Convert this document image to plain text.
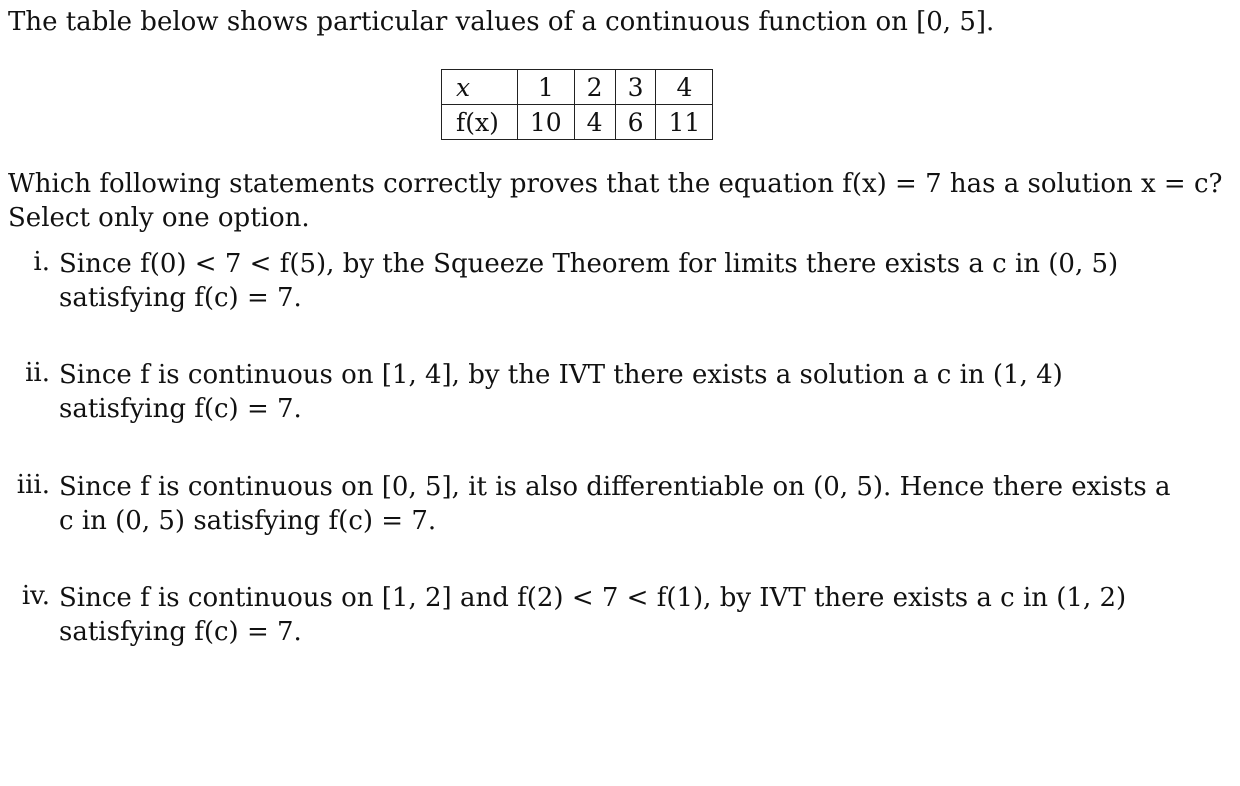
The table below shows particular values of a continuous function on [0, 5].
x	1	2	3	4
f(x)	10	4	6	11
Which following statements correctly proves that the equation f(x) = 7 has a solution x = c?
Select only one option.
i. Since f(0) < 7 < f(5), by the Squeeze Theorem for limits there exists a c in (0, 5) satisfying f(c) = 7.
ii. Since f is continuous on [1, 4], by the IVT there exists a solution a c in (1, 4) satisfying f(c) = 7.
iii. Since f is continuous on [0, 5], it is also differentiable on (0, 5). Hence there exists a c in (0, 5) satisfying f(c) = 7.
iv. Since f is continuous on [1, 2] and f(2) < 7 < f(1), by IVT there exists a c in (1, 2) satisfying f(c) = 7.
